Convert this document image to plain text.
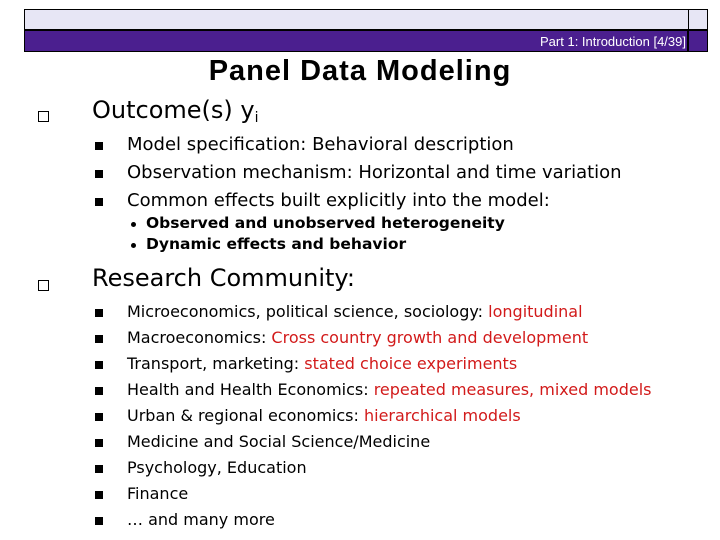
Part 1: Introduction [4/39]
Panel Data Modeling
Outcome(s) $y_i$
Model specification: Behavioral description
Observation mechanism: Horizontal and time variation
Common effects built explicitly into the model:
Observed and unobserved heterogeneity
Dynamic effects and behavior
Research Community:
Microeconomics, political science, sociology: longitudinal
Macroeconomics: Cross country growth and development
Transport, marketing: stated choice experiments
Health and Health Economics: repeated measures, mixed models
Urban & regional economics: hierarchical models
Medicine and Social Science/Medicine
Psychology, Education
Finance
… and many more
